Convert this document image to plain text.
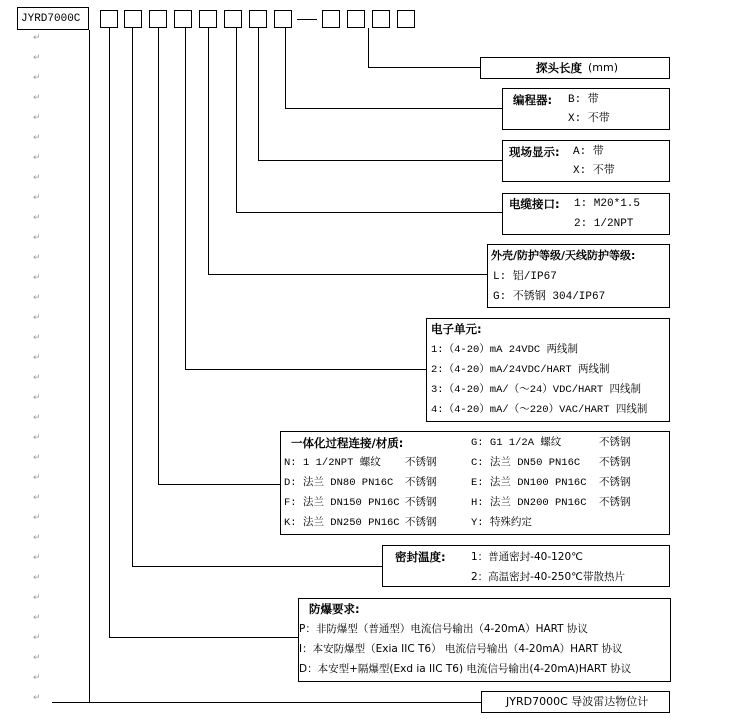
JYRD7000C
↵
↵
↵
↵
↵
↵
↵
↵
↵
↵
↵
↵
↵
↵
↵
↵
↵
↵
↵
↵
↵
↵
↵
↵
↵
↵
↵
↵
↵
↵
↵
↵
↵
↵
探头长度 (mm)
编程器: B: 带
X: 不带
现场显示: A: 带
X: 不带
电缆接口: 1: M20*1.5
2: 1/2NPT
外壳/防护等级/天线防护等级:
L: 铝/IP67
G: 不锈钢 304/IP67
电子单元:
1:（4-20）mA 24VDC 两线制
2:（4-20）mA/24VDC/HART 两线制
3:（4-20）mA/（～24）VDC/HART 四线制
4:（4-20）mA/（～220）VAC/HART 四线制
一体化过程连接/材质:	G: G1 1/2A 螺纹	不锈钢
N: 1 1/2NPT 螺纹 不锈钢	C: 法兰 DN50 PN16C 不锈钢
D: 法兰 DN80 PN16C 不锈钢	E: 法兰 DN100 PN16C 不锈钢
F: 法兰 DN150 PN16C 不锈钢	H: 法兰 DN200 PN16C 不锈钢
K: 法兰 DN250 PN16C 不锈钢	Y: 特殊约定
密封温度: 1：普通密封-40-120℃
2：高温密封-40-250℃带散热片
防爆要求:
P：非防爆型（普通型）电流信号输出（4-20mA）HART 协议
I：本安防爆型（Exia IIC T6） 电流信号输出（4-20mA）HART 协议
D：本安型+隔爆型(Exd ia IIC T6) 电流信号输出(4-20mA)HART 协议
JYRD7000C 导波雷达物位计
